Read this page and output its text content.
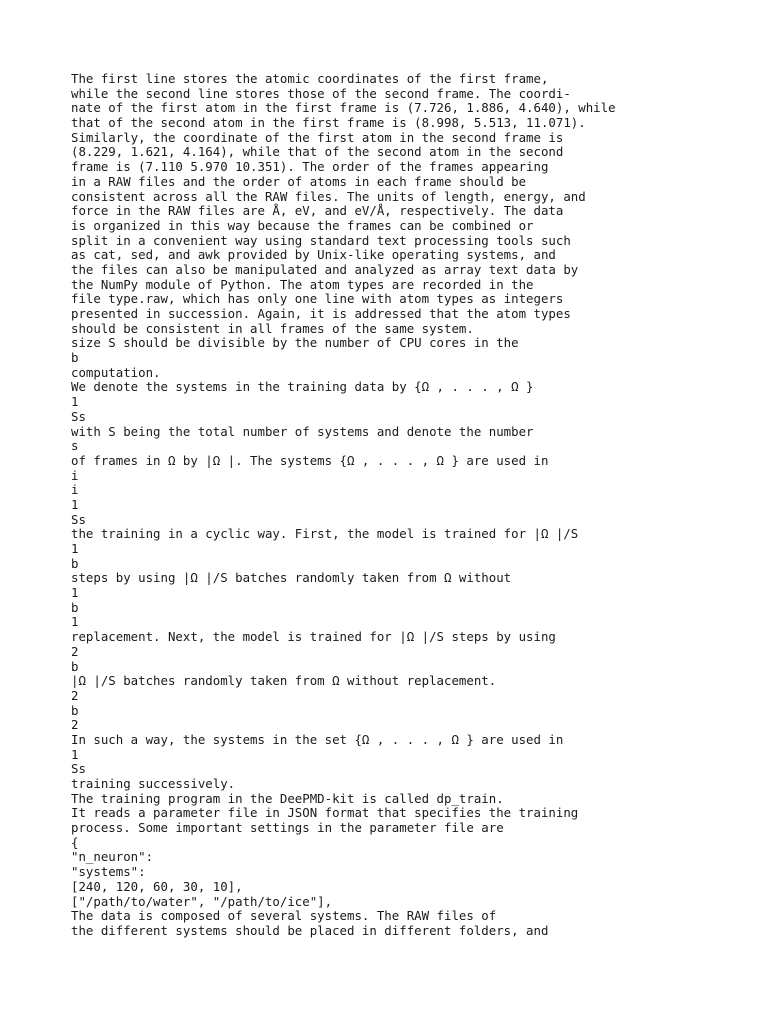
The first line stores the atomic coordinates of the first frame,
while the second line stores those of the second frame. The coordi-
nate of the first atom in the first frame is (7.726, 1.886, 4.640), while
that of the second atom in the first frame is (8.998, 5.513, 11.071).
Similarly, the coordinate of the first atom in the second frame is
(8.229, 1.621, 4.164), while that of the second atom in the second
frame is (7.110 5.970 10.351). The order of the frames appearing
in a RAW files and the order of atoms in each frame should be
consistent across all the RAW files. The units of length, energy, and
force in the RAW files are Å, eV, and eV/Å, respectively. The data
is organized in this way because the frames can be combined or
split in a convenient way using standard text processing tools such
as cat, sed, and awk provided by Unix-like operating systems, and
the files can also be manipulated and analyzed as array text data by
the NumPy module of Python. The atom types are recorded in the
file type.raw, which has only one line with atom types as integers
presented in succession. Again, it is addressed that the atom types
should be consistent in all frames of the same system.
size S should be divisible by the number of CPU cores in the
b
computation.
We denote the systems in the training data by {Ω , . . . , Ω }
1
Ss
with S being the total number of systems and denote the number
s
of frames in Ω by |Ω |. The systems {Ω , . . . , Ω } are used in
i
i
1
Ss
the training in a cyclic way. First, the model is trained for |Ω |/S
1
b
steps by using |Ω |/S batches randomly taken from Ω without
1
b
1
replacement. Next, the model is trained for |Ω |/S steps by using
2
b
|Ω |/S batches randomly taken from Ω without replacement.
2
b
2
In such a way, the systems in the set {Ω , . . . , Ω } are used in
1
Ss
training successively.
The training program in the DeePMD-kit is called dp_train.
It reads a parameter file in JSON format that specifies the training
process. Some important settings in the parameter file are
{
"n_neuron":
"systems":
[240, 120, 60, 30, 10],
["/path/to/water", "/path/to/ice"],
The data is composed of several systems. The RAW files of
the different systems should be placed in different folders, and
